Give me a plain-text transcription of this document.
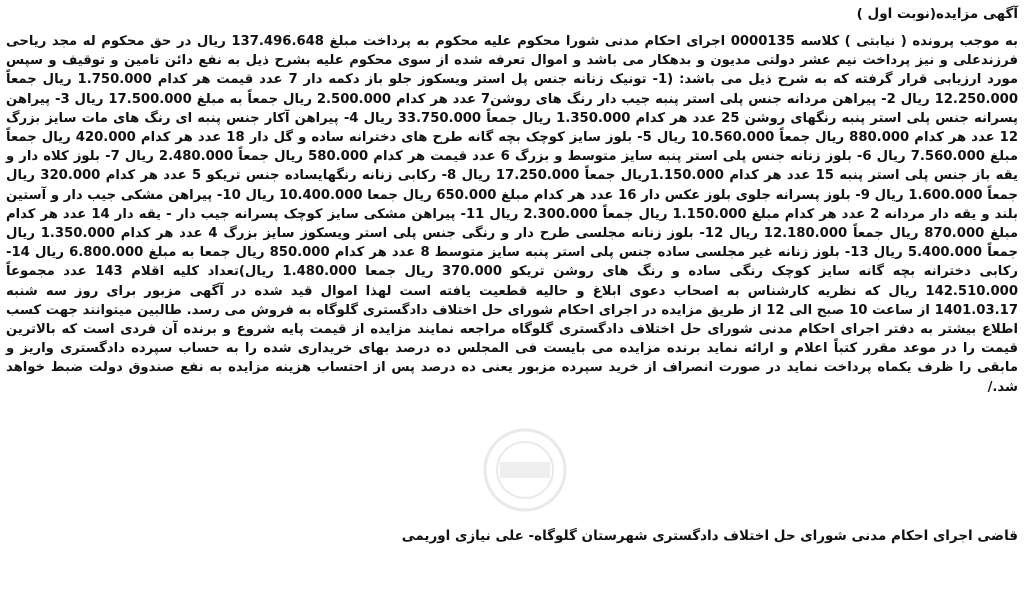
آگهی مزایده(نوبت اول )

به موجب پرونده ( نیابتی ) کلاسه 0000135 اجرای احکام مدنی شورا محکوم علیه محکوم به پرداخت مبلغ 137.496.648 ریال در حق محکوم له مجد ریاحی فرزندعلی و نیز پرداخت نیم عشر دولتی مدیون و بدهکار می باشد و اموال تعرفه شده از سوی محکوم علیه بشرح ذیل به نفع دائن تامین و توقیف و سپس مورد ارزیابی قرار گرفته که به شرح ذیل می باشد: (1- تونیک زنانه جنس پل استر ویسکوز جلو باز دکمه دار 7 عدد قیمت هر کدام 1.750.000 ریال جمعاً 12.250.000 ریال 2- پیراهن مردانه جنس پلی استر پنبه جیب دار رنگ های روشن7 عدد هر کدام 2.500.000 ریال جمعاً به مبلغ 17.500.000 ریال 3- پیراهن پسرانه جنس پلی استر پنبه رنگهای روشن 25 عدد هر کدام 1.350.000 ریال جمعاً 33.750.000 ریال 4- پیراهن آکار جنس پنبه ای رنگ های مات سایز بزرگ 12 عدد هر کدام 880.000 ریال جمعاً 10.560.000 ریال 5- بلوز سایز کوچک بچه گانه طرح های دخترانه ساده و گل دار 18 عدد هر کدام 420.000 ریال جمعاً مبلغ 7.560.000 ریال 6- بلوز زنانه جنس پلی استر پنبه سایز متوسط و بزرگ 6 عدد قیمت هر کدام 580.000 ریال جمعاً 2.480.000 ریال 7- بلوز کلاه دار و یقه باز جنس پلی استر پنبه 15 عدد هر کدام 1.150.000ریال جمعاً 17.250.000 ریال 8- رکابی زنانه رنگهایساده جنس تریکو 5 عدد هر کدام 320.000 ریال جمعاً 1.600.000 ریال 9- بلوز پسرانه جلوی بلوز عکس دار 16 عدد هر کدام مبلغ 650.000 ریال جمعا 10.400.000 ریال 10- پیراهن مشکی جیب دار و آستین بلند و یقه دار مردانه 2 عدد هر کدام مبلغ 1.150.000 ریال جمعاً 2.300.000 ریال 11- پیراهن مشکی سایز کوچک پسرانه جیب دار - یقه دار 14 عدد هر کدام مبلغ 870.000 ریال جمعاً 12.180.000 ریال 12- بلوز زنانه مجلسی طرح دار و رنگی جنس پلی استر ویسکوز سایز بزرگ 4 عدد هر کدام 1.350.000 ریال جمعاً 5.400.000 ریال 13- بلوز زنانه غیر مجلسی ساده جنس پلی استر پنبه سایز متوسط 8 عدد هر کدام 850.000 ریال جمعا به مبلغ 6.800.000 ریال 14- رکابی دخترانه بچه گانه سایز کوچک رنگی ساده و رنگ های روشن تریکو 370.000 ریال جمعا 1.480.000 ریال)تعداد کلیه اقلام 143 عدد مجموعاً 142.510.000 ریال که نظریه کارشناس به اصحاب دعوی ابلاغ و حالیه قطعیت یافته است لهذا اموال قید شده در آگهی مزبور برای روز سه شنبه 1401.03.17 از ساعت 10 صبح الی 12 از طریق مزایده در اجرای احکام شورای حل اختلاف دادگستری گلوگاه به فروش می رسد. طالبین میتوانند جهت کسب اطلاع بیشتر به دفتر اجرای احکام مدنی شورای حل اختلاف دادگستری گلوگاه مراجعه نمایند مزایده از قیمت پایه شروع و برنده آن فردی است که بالاترین قیمت را در موعد مقرر کتباً اعلام و ارائه نماید برنده مزایده می بایست فی المجلس ده درصد بهای خریداری شده را به حساب سپرده دادگستری واریز و مابقی را ظرف یکماه پرداخت نماید در صورت انصراف از خرید سپرده مزبور یعنی ده درصد پس از احتساب هزینه مزایده به نفع صندوق دولت ضبط خواهد شد./

قاضی اجرای احکام مدنی شورای حل اختلاف دادگستری شهرستان گلوگاه- علی نیازی اوریمی
